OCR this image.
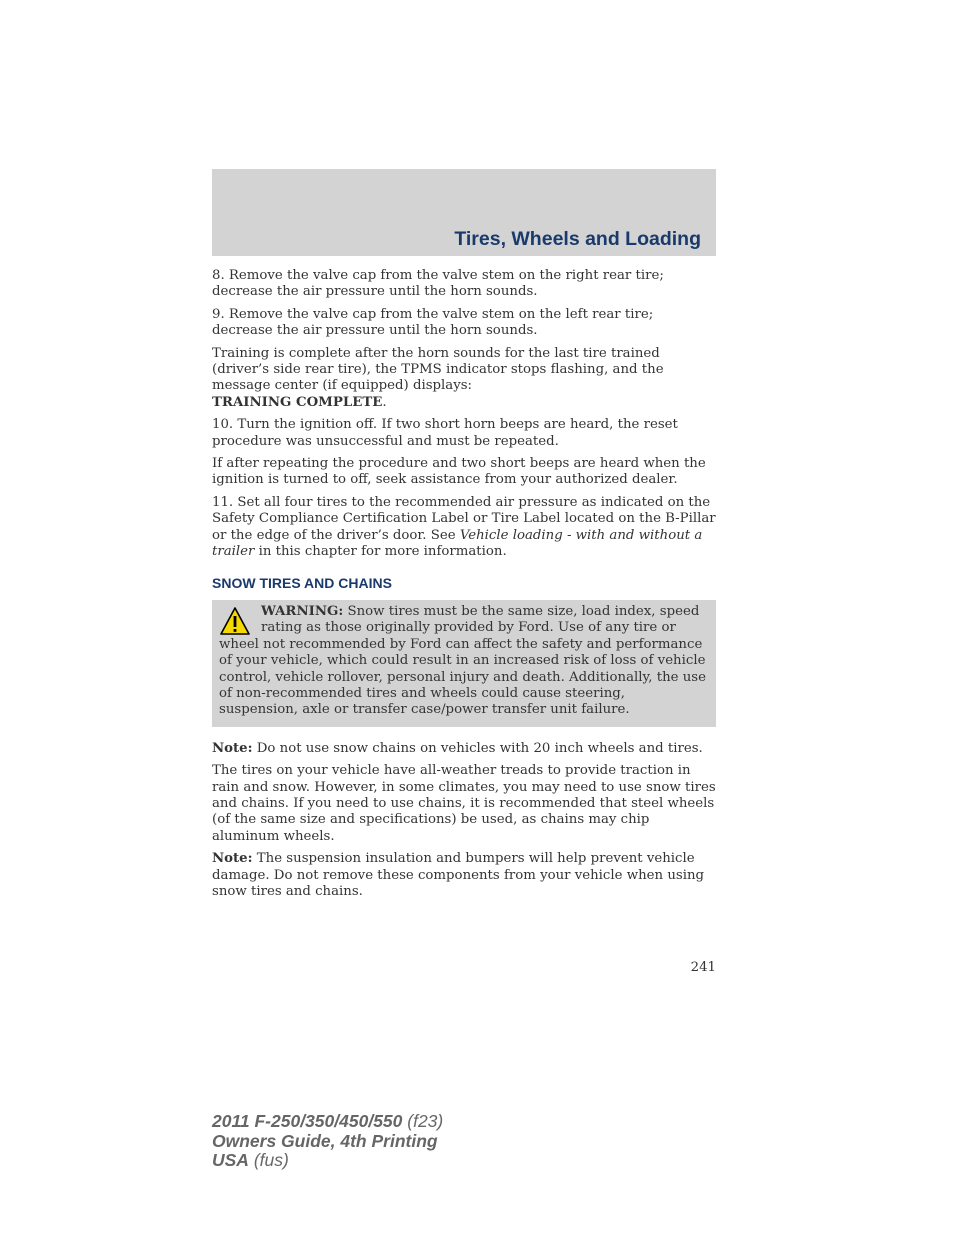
Tires, Wheels and Loading

8. Remove the valve cap from the valve stem on the right rear tire; decrease the air pressure until the horn sounds.

9. Remove the valve cap from the valve stem on the left rear tire; decrease the air pressure until the horn sounds.

Training is complete after the horn sounds for the last tire trained (driver’s side rear tire), the TPMS indicator stops flashing, and the message center (if equipped) displays:
TRAINING COMPLETE.

10. Turn the ignition off. If two short horn beeps are heard, the reset procedure was unsuccessful and must be repeated.

If after repeating the procedure and two short beeps are heard when the ignition is turned to off, seek assistance from your authorized dealer.

11. Set all four tires to the recommended air pressure as indicated on the Safety Compliance Certification Label or Tire Label located on the B-Pillar or the edge of the driver’s door. See Vehicle loading - with and without a trailer in this chapter for more information.

SNOW TIRES AND CHAINS

WARNING: Snow tires must be the same size, load index, speed rating as those originally provided by Ford. Use of any tire or wheel not recommended by Ford can affect the safety and performance of your vehicle, which could result in an increased risk of loss of vehicle control, vehicle rollover, personal injury and death. Additionally, the use of non-recommended tires and wheels could cause steering, suspension, axle or transfer case/power transfer unit failure.

Note: Do not use snow chains on vehicles with 20 inch wheels and tires.

The tires on your vehicle have all-weather treads to provide traction in rain and snow. However, in some climates, you may need to use snow tires and chains. If you need to use chains, it is recommended that steel wheels (of the same size and specifications) be used, as chains may chip aluminum wheels.

Note: The suspension insulation and bumpers will help prevent vehicle damage. Do not remove these components from your vehicle when using snow tires and chains.

241
2011 F-250/350/450/550 (f23)
Owners Guide, 4th Printing
USA (fus)
